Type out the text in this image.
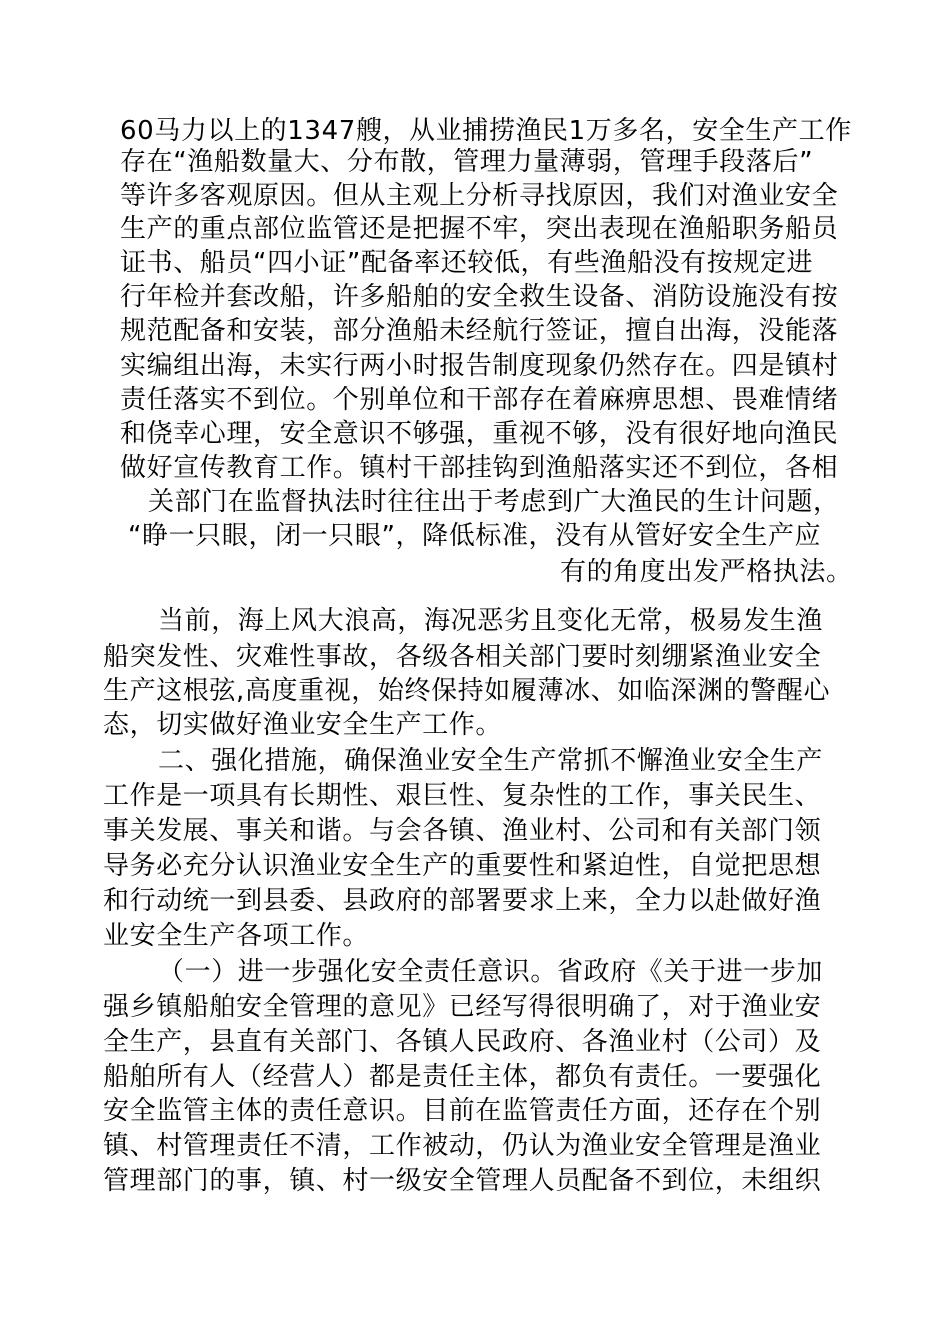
60马力以上的1347艘，从业捕捞渔民1万多名，安全生产工作
存在“渔船数量大、分布散，管理力量薄弱，管理手段落后”
等许多客观原因。但从主观上分析寻找原因，我们对渔业安全
生产的重点部位监管还是把握不牢，突出表现在渔船职务船员
证书、船员“四小证”配备率还较低，有些渔船没有按规定进
行年检并套改船，许多船舶的安全救生设备、消防设施没有按
规范配备和安装，部分渔船未经航行签证，擅自出海，没能落
实编组出海，未实行两小时报告制度现象仍然存在。四是镇村
责任落实不到位。个别单位和干部存在着麻痹思想、畏难情绪
和侥幸心理，安全意识不够强，重视不够，没有很好地向渔民
做好宣传教育工作。镇村干部挂钩到渔船落实还不到位，各相
关部门在监督执法时往往出于考虑到广大渔民的生计问题，
“睁一只眼，闭一只眼”，降低标准，没有从管好安全生产应
有的角度出发严格执法。
当前，海上风大浪高，海况恶劣且变化无常，极易发生渔
船突发性、灾难性事故，各级各相关部门要时刻绷紧渔业安全
生产这根弦,高度重视，始终保持如履薄冰、如临深渊的警醒心
态，切实做好渔业安全生产工作。
二、强化措施，确保渔业安全生产常抓不懈渔业安全生产
工作是一项具有长期性、艰巨性、复杂性的工作，事关民生、
事关发展、事关和谐。与会各镇、渔业村、公司和有关部门领
导务必充分认识渔业安全生产的重要性和紧迫性，自觉把思想
和行动统一到县委、县政府的部署要求上来，全力以赴做好渔
业安全生产各项工作。
（一）进一步强化安全责任意识。省政府《关于进一步加
强乡镇船舶安全管理的意见》已经写得很明确了，对于渔业安
全生产，县直有关部门、各镇人民政府、各渔业村（公司）及
船舶所有人（经营人）都是责任主体，都负有责任。一要强化
安全监管主体的责任意识。目前在监管责任方面，还存在个别
镇、村管理责任不清，工作被动，仍认为渔业安全管理是渔业
管理部门的事，镇、村一级安全管理人员配备不到位，未组织
